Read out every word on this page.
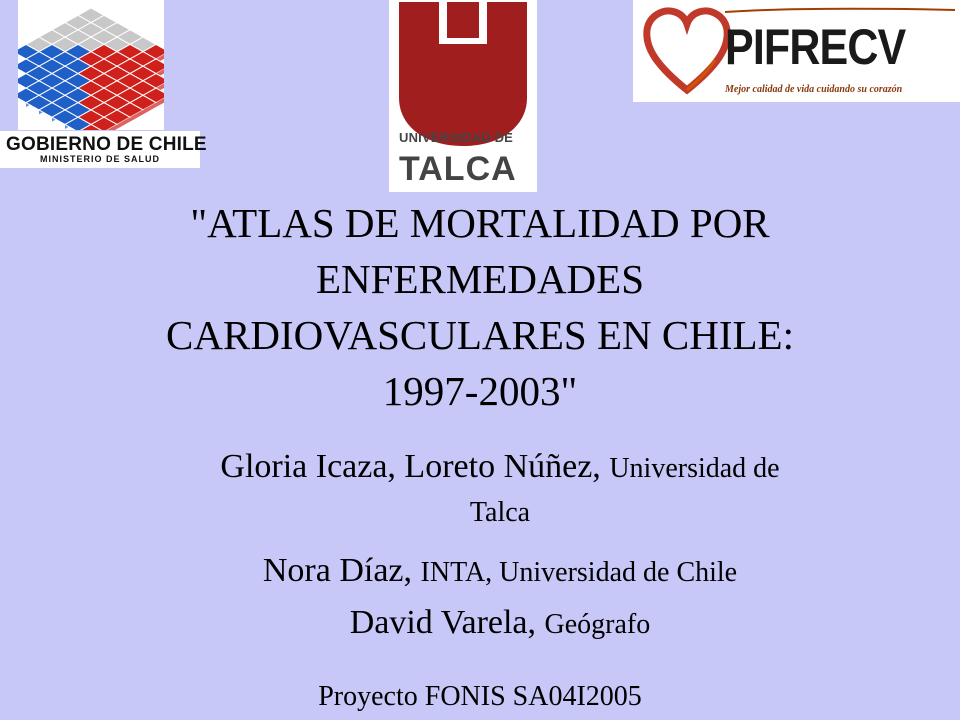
GOBIERNO DE CHILE
MINISTERIO DE SALUD
UNIVERSIDAD DE
TALCA
PIFRECV
Mejor calidad de vida cuidando su corazón
"ATLAS DE MORTALIDAD POR
ENFERMEDADES
CARDIOVASCULARES EN CHILE:
1997-2003"

Gloria Icaza, Loreto Núñez, Universidad de

Talca

Nora Díaz, INTA, Universidad de Chile

David Varela, Geógrafo

Proyecto FONIS SA04I2005
